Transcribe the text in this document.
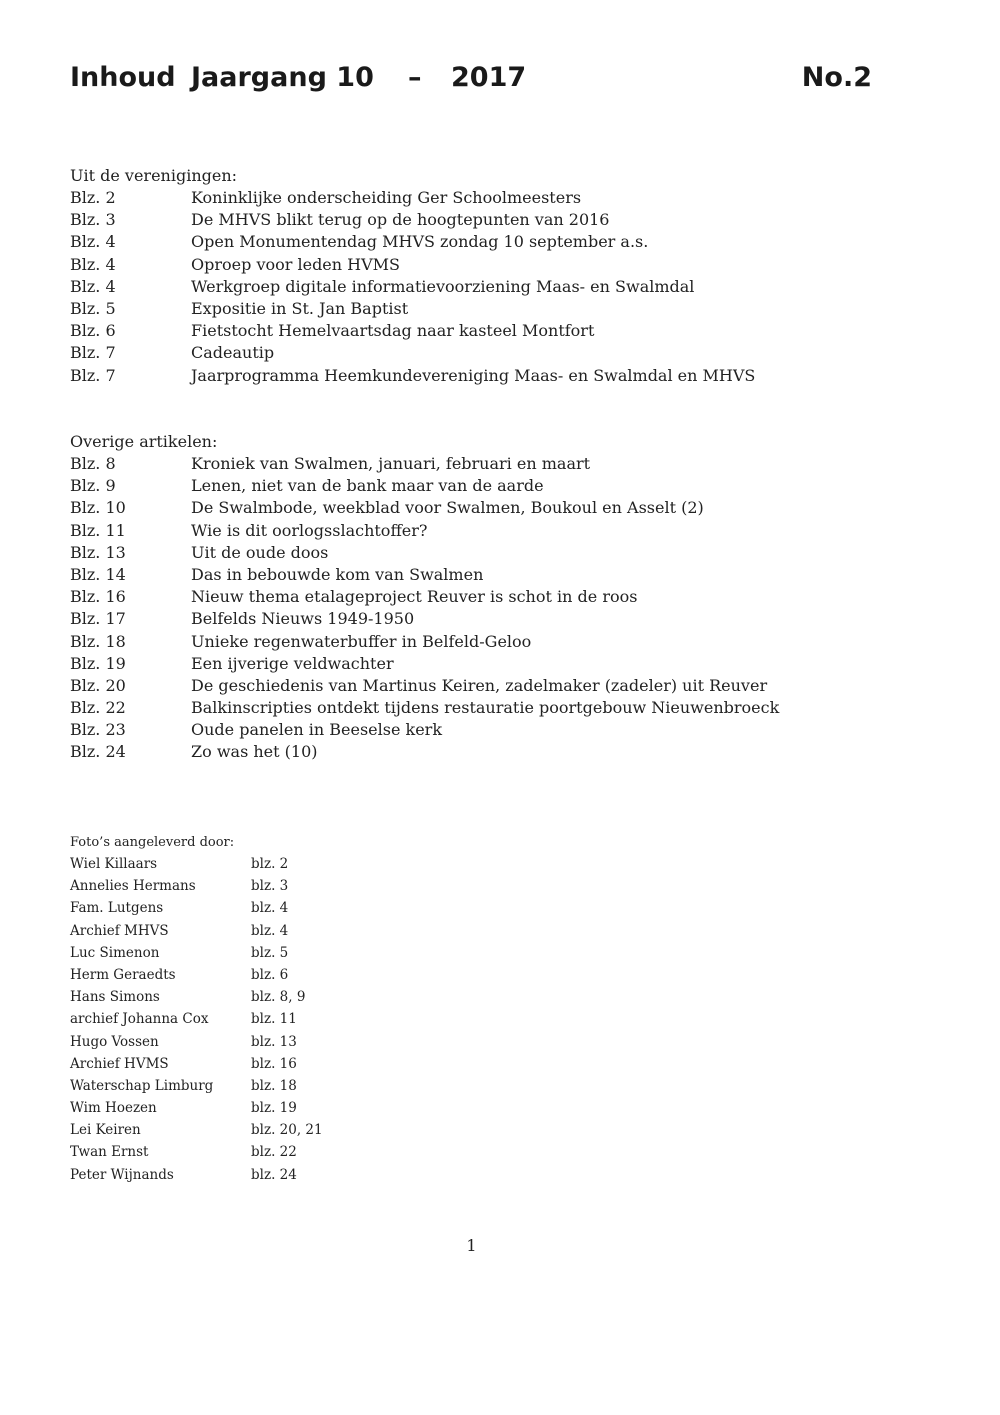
Inhoud Jaargang 10 – 2017	No.2
Uit de verenigingen:
Blz. 2	Koninklijke onderscheiding Ger Schoolmeesters
Blz. 3	De MHVS blikt terug op de hoogtepunten van 2016
Blz. 4	Open Monumentendag MHVS zondag 10 september a.s.
Blz. 4	Oproep voor leden HVMS
Blz. 4	Werkgroep digitale informatievoorziening Maas- en Swalmdal
Blz. 5	Expositie in St. Jan Baptist
Blz. 6	Fietstocht Hemelvaartsdag naar kasteel Montfort
Blz. 7	Cadeautip
Blz. 7	Jaarprogramma Heemkundevereniging Maas- en Swalmdal en MHVS
Overige artikelen:
Blz. 8	Kroniek van Swalmen, januari, februari en maart
Blz. 9	Lenen, niet van de bank maar van de aarde
Blz. 10	De Swalmbode, weekblad voor Swalmen, Boukoul en Asselt (2)
Blz. 11	Wie is dit oorlogsslachtoffer?
Blz. 13	Uit de oude doos
Blz. 14	Das in bebouwde kom van Swalmen
Blz. 16	Nieuw thema etalageproject Reuver is schot in de roos
Blz. 17	Belfelds Nieuws 1949-1950
Blz. 18	Unieke regenwaterbuffer in Belfeld-Geloo
Blz. 19	Een ijverige veldwachter
Blz. 20	De geschiedenis van Martinus Keiren, zadelmaker (zadeler) uit Reuver
Blz. 22	Balkinscripties ontdekt tijdens restauratie poortgebouw Nieuwenbroeck
Blz. 23	Oude panelen in Beeselse kerk
Blz. 24	Zo was het (10)
Foto’s aangeleverd door:
Wiel Killaars	blz. 2
Annelies Hermans	blz. 3
Fam. Lutgens	blz. 4
Archief MHVS	blz. 4
Luc Simenon	blz. 5
Herm Geraedts	blz. 6
Hans Simons	blz. 8, 9
archief Johanna Cox	blz. 11
Hugo Vossen	blz. 13
Archief HVMS	blz. 16
Waterschap Limburg	blz. 18
Wim Hoezen	blz. 19
Lei Keiren	blz. 20, 21
Twan Ernst	blz. 22
Peter Wijnands	blz. 24
1
